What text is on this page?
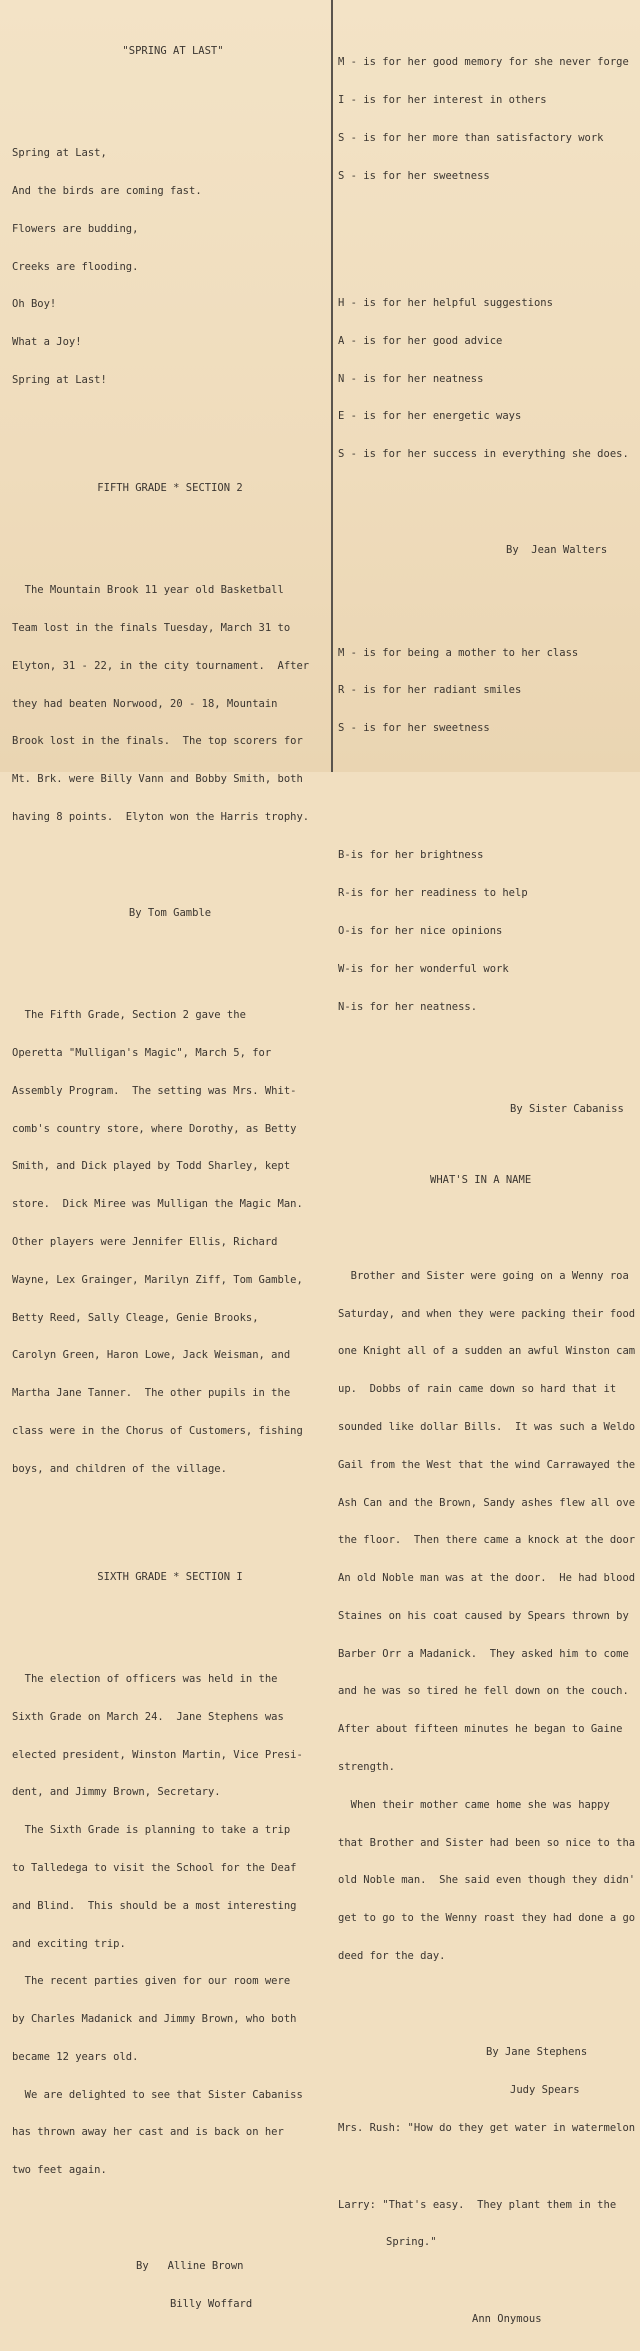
"SPRING AT LAST"

Spring at Last,

And the birds are coming fast.

Flowers are budding,

Creeks are flooding.

Oh Boy!

What a Joy!

Spring at Last!

FIFTH GRADE * SECTION 2

The Mountain Brook 11 year old Basketball

Team lost in the finals Tuesday, March 31 to

Elyton, 31 - 22, in the city tournament.  After

they had beaten Norwood, 20 - 18, Mountain

Brook lost in the finals.  The top scorers for

Mt. Brk. were Billy Vann and Bobby Smith, both

having 8 points.  Elyton won the Harris trophy.

By Tom Gamble

The Fifth Grade, Section 2 gave the

Operetta "Mulligan's Magic", March 5, for

Assembly Program.  The setting was Mrs. Whit-

comb's country store, where Dorothy, as Betty

Smith, and Dick played by Todd Sharley, kept

store.  Dick Miree was Mulligan the Magic Man.

Other players were Jennifer Ellis, Richard

Wayne, Lex Grainger, Marilyn Ziff, Tom Gamble,

Betty Reed, Sally Cleage, Genie Brooks,

Carolyn Green, Haron Lowe, Jack Weisman, and

Martha Jane Tanner.  The other pupils in the

class were in the Chorus of Customers, fishing

boys, and children of the village.

SIXTH GRADE * SECTION I

The election of officers was held in the

Sixth Grade on March 24.  Jane Stephens was

elected president, Winston Martin, Vice Presi-

dent, and Jimmy Brown, Secretary.

The Sixth Grade is planning to take a trip

to Talledega to visit the School for the Deaf

and Blind.  This should be a most interesting

and exciting trip.

The recent parties given for our room were

by Charles Madanick and Jimmy Brown, who both

became 12 years old.

We are delighted to see that Sister Cabaniss

has thrown away her cast and is back on her

two feet again.

By   Alline Brown

Billy Woffard

M - is for her good memory for she never forge

I - is for her interest in others

S - is for her more than satisfactory work

S - is for her sweetness

H - is for her helpful suggestions

A - is for her good advice

N - is for her neatness

E - is for her energetic ways

S - is for her success in everything she does.

By  Jean Walters

M - is for being a mother to her class

R - is for her radiant smiles

S - is for her sweetness

B-is for her brightness

R-is for her readiness to help

O-is for her nice opinions

W-is for her wonderful work

N-is for her neatness.

By Sister Cabaniss

WHAT'S IN A NAME

Brother and Sister were going on a Wenny roa

Saturday, and when they were packing their food

one Knight all of a sudden an awful Winston cam

up.  Dobbs of rain came down so hard that it

sounded like dollar Bills.  It was such a Weldo

Gail from the West that the wind Carrawayed the

Ash Can and the Brown, Sandy ashes flew all ove

the floor.  Then there came a knock at the door

An old Noble man was at the door.  He had blood

Staines on his coat caused by Spears thrown by

Barber Orr a Madanick.  They asked him to come

and he was so tired he fell down on the couch.

After about fifteen minutes he began to Gaine

strength.

When their mother came home she was happy

that Brother and Sister had been so nice to tha

old Noble man.  She said even though they didn'

get to go to the Wenny roast they had done a go

deed for the day.

By Jane Stephens

Judy Spears

Mrs. Rush: "How do they get water in watermelon

Larry: "That's easy.  They plant them in the

Spring."

Ann Onymous
